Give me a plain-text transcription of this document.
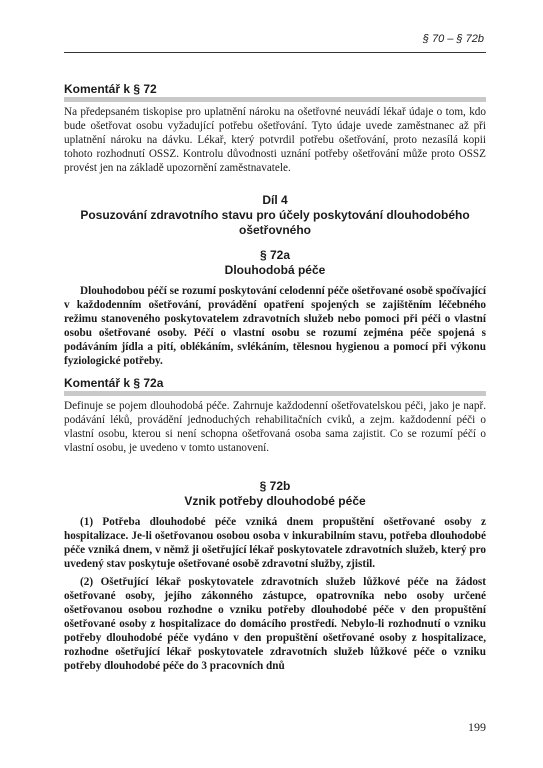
§ 70 – § 72b
Komentář k § 72

Na předepsaném tiskopise pro uplatnění nároku na ošetřovné neuvádí lékař údaje o tom, kdo bude ošetřovat osobu vyžadující potřebu ošetřování. Tyto údaje uvede zaměstnanec až při uplatnění nároku na dávku. Lékař, který potvrdil potřebu ošetřování, proto nezasílá kopii tohoto rozhodnutí OSSZ. Kontrolu důvodnosti uznání potřeby ošetřování může proto OSSZ provést jen na základě upozornění zaměstnavatele.

Díl 4
Posuzování zdravotního stavu pro účely poskytování dlouhodobého ošetřovného
§ 72a
Dlouhodobá péče

Dlouhodobou péčí se rozumí poskytování celodenní péče ošetřované osobě spočívající v každodenním ošetřování, provádění opatření spojených se zajištěním léčebného režimu stanoveného poskytovatelem zdravotních služeb nebo pomoci při péči o vlastní osobu ošetřované osoby. Péčí o vlastní osobu se rozumí zejména péče spojená s podáváním jídla a pití, oblékáním, svlékáním, tělesnou hygienou a pomocí při výkonu fyziologické potřeby.

Komentář k § 72a

Definuje se pojem dlouhodobá péče. Zahrnuje každodenní ošetřovatelskou péči, jako je např. podávání léků, provádění jednoduchých rehabilitačních cviků, a zejm. každodenní péči o vlastní osobu, kterou si není schopna ošetřovaná osoba sama zajistit. Co se rozumí péčí o vlastní osobu, je uvedeno v tomto ustanovení.

§ 72b
Vznik potřeby dlouhodobé péče

(1) Potřeba dlouhodobé péče vzniká dnem propuštění ošetřované osoby z hospitalizace. Je-li ošetřovanou osobou osoba v inkurabilním stavu, potřeba dlouhodobé péče vzniká dnem, v němž ji ošetřující lékař poskytovatele zdravotních služeb, který pro uvedený stav poskytuje ošetřované osobě zdravotní služby, zjistil.

(2) Ošetřující lékař poskytovatele zdravotních služeb lůžkové péče na žádost ošetřované osoby, jejího zákonného zástupce, opatrovníka nebo osoby určené ošetřovanou osobou rozhodne o vzniku potřeby dlouhodobé péče v den propuštění ošetřované osoby z hospitalizace do domácího prostředí. Nebylo-li rozhodnutí o vzniku potřeby dlouhodobé péče vydáno v den propuštění ošetřované osoby z hospitalizace, rozhodne ošetřující lékař poskytovatele zdravotních služeb lůžkové péče o vzniku potřeby dlouhodobé péče do 3 pracovních dnů

199
